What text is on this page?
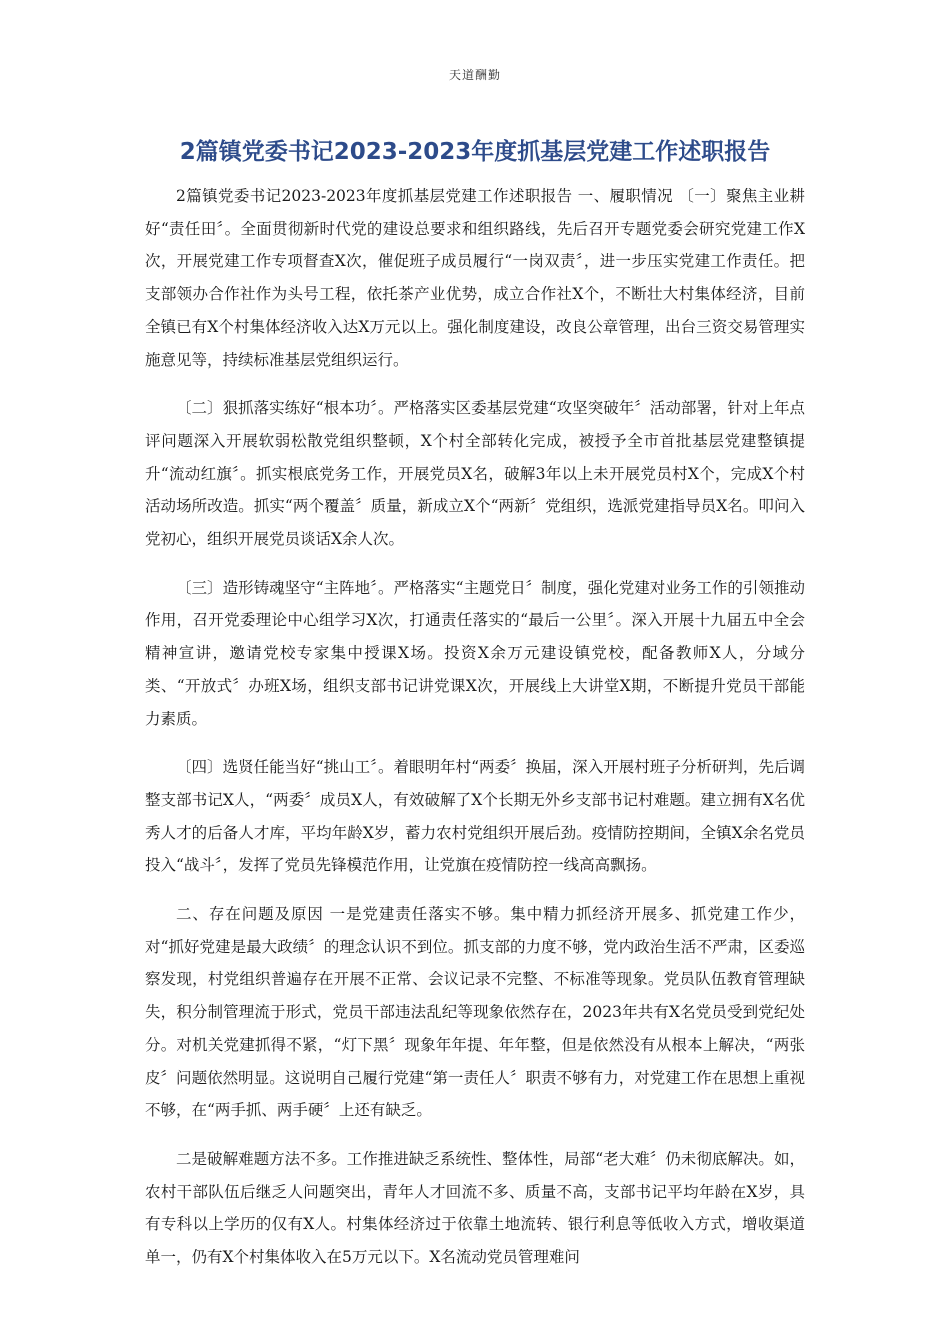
天道酬勤
2篇镇党委书记2023-2023年度抓基层党建工作述职报告

2篇镇党委书记2023-2023年度抓基层党建工作述职报告 一、履职情况 〔一〕聚焦主业耕好“责任田〞。全面贯彻新时代党的建设总要求和组织路线，先后召开专题党委会研究党建工作X次，开展党建工作专项督查X次，催促班子成员履行“一岗双责〞，进一步压实党建工作责任。把支部领办合作社作为头号工程，依托茶产业优势，成立合作社X个，不断壮大村集体经济，目前全镇已有X个村集体经济收入达X万元以上。强化制度建设，改良公章管理，出台三资交易管理实施意见等，持续标准基层党组织运行。

〔二〕狠抓落实练好“根本功〞。严格落实区委基层党建“攻坚突破年〞活动部署，针对上年点评问题深入开展软弱松散党组织整顿，X个村全部转化完成，被授予全市首批基层党建整镇提升“流动红旗〞。抓实根底党务工作，开展党员X名，破解3年以上未开展党员村X个，完成X个村活动场所改造。抓实“两个覆盖〞质量，新成立X个“两新〞党组织，选派党建指导员X名。叩问入党初心，组织开展党员谈话X余人次。

〔三〕造形铸魂坚守“主阵地〞。严格落实“主题党日〞制度，强化党建对业务工作的引领推动作用，召开党委理论中心组学习X次，打通责任落实的“最后一公里〞。深入开展十九届五中全会精神宣讲，邀请党校专家集中授课X场。投资X余万元建设镇党校，配备教师X人，分域分类、“开放式〞办班X场，组织支部书记讲党课X次，开展线上大讲堂X期，不断提升党员干部能力素质。

〔四〕选贤任能当好“挑山工〞。着眼明年村“两委〞换届，深入开展村班子分析研判，先后调整支部书记X人，“两委〞成员X人，有效破解了X个长期无外乡支部书记村难题。建立拥有X名优秀人才的后备人才库，平均年龄X岁，蓄力农村党组织开展后劲。疫情防控期间，全镇X余名党员投入“战斗〞，发挥了党员先锋模范作用，让党旗在疫情防控一线高高飘扬。

二、存在问题及原因 一是党建责任落实不够。集中精力抓经济开展多、抓党建工作少，对“抓好党建是最大政绩〞的理念认识不到位。抓支部的力度不够，党内政治生活不严肃，区委巡察发现，村党组织普遍存在开展不正常、会议记录不完整、不标准等现象。党员队伍教育管理缺失，积分制管理流于形式，党员干部违法乱纪等现象依然存在，2023年共有X名党员受到党纪处分。对机关党建抓得不紧，“灯下黑〞现象年年提、年年整，但是依然没有从根本上解决，“两张皮〞问题依然明显。这说明自己履行党建“第一责任人〞职责不够有力，对党建工作在思想上重视不够，在“两手抓、两手硬〞上还有缺乏。

二是破解难题方法不多。工作推进缺乏系统性、整体性，局部“老大难〞仍未彻底解决。如，农村干部队伍后继乏人问题突出，青年人才回流不多、质量不高，支部书记平均年龄在X岁，具有专科以上学历的仅有X人。村集体经济过于依靠土地流转、银行利息等低收入方式，增收渠道单一，仍有X个村集体收入在5万元以下。X名流动党员管理难问
